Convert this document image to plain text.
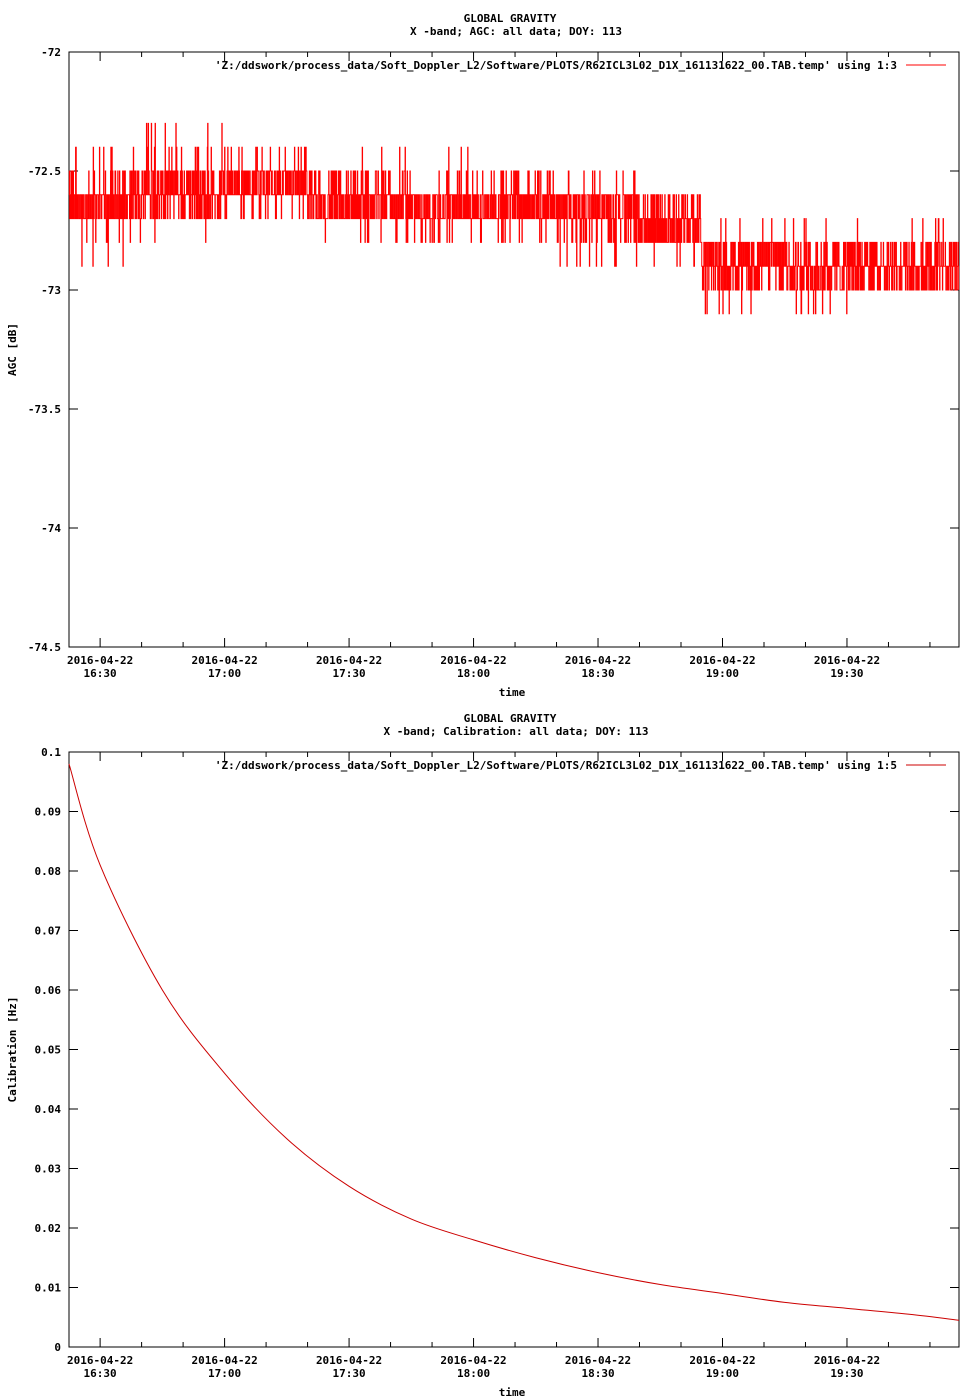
GLOBAL GRAVITY
X -band; AGC: all data; DOY: 113
-72
-72.5
-73
-73.5
-74
-74.5
2016-04-22
16:30
2016-04-22
17:00
2016-04-22
17:30
2016-04-22
18:00
2016-04-22
18:30
2016-04-22
19:00
2016-04-22
19:30
time
AGC [dB]
'Z:/ddswork/process_data/Soft_Doppler_L2/Software/PLOTS/R62ICL3L02_D1X_161131622_00.TAB.temp' using 1:3
GLOBAL GRAVITY
X -band; Calibration: all data; DOY: 113
0.1
0.09
0.08
0.07
0.06
0.05
0.04
0.03
0.02
0.01
0
2016-04-22
16:30
2016-04-22
17:00
2016-04-22
17:30
2016-04-22
18:00
2016-04-22
18:30
2016-04-22
19:00
2016-04-22
19:30
time
Calibration [Hz]
'Z:/ddswork/process_data/Soft_Doppler_L2/Software/PLOTS/R62ICL3L02_D1X_161131622_00.TAB.temp' using 1:5
